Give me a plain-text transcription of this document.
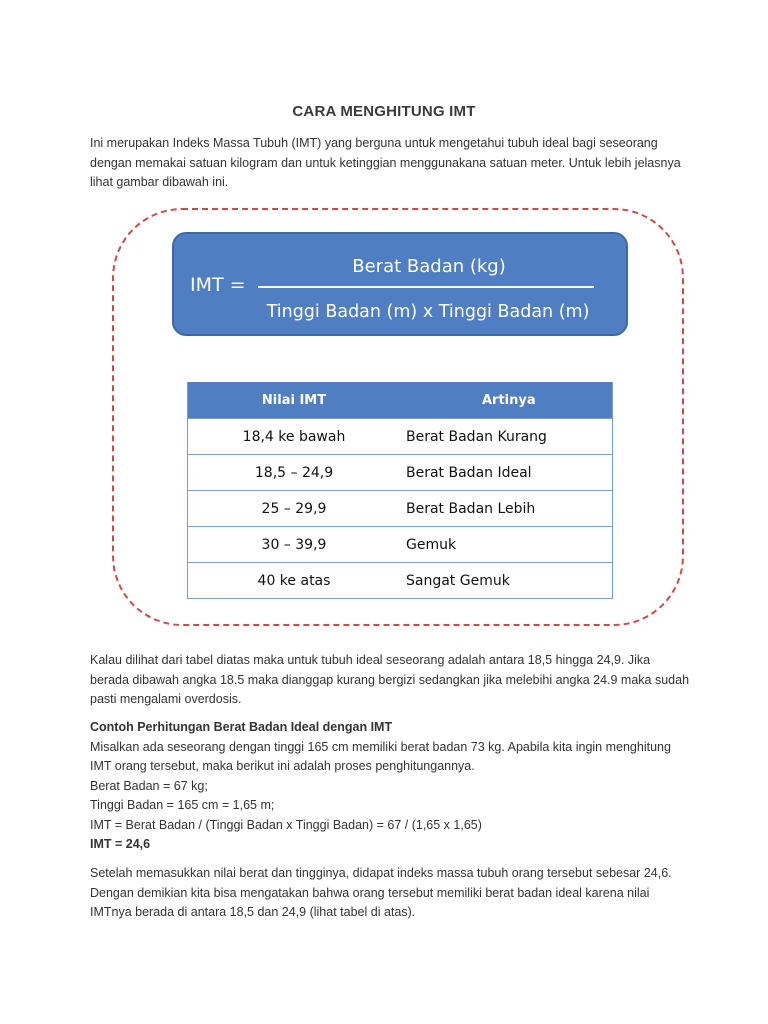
CARA MENGHITUNG IMT

Ini merupakan Indeks Massa Tubuh (IMT) yang berguna untuk mengetahui tubuh ideal bagi seseorang dengan memakai satuan kilogram dan untuk ketinggian menggunakana satuan meter. Untuk lebih jelasnya lihat gambar dibawah ini.

IMT =
Berat Badan (kg)
Tinggi Badan (m) x Tinggi Badan (m)
Nilai IMT	Artinya
18,4 ke bawah	Berat Badan Kurang
18,5 – 24,9	Berat Badan Ideal
25 – 29,9	Berat Badan Lebih
30 – 39,9	Gemuk
40 ke atas	Sangat Gemuk

Kalau dilihat dari tabel diatas maka untuk tubuh ideal seseorang adalah antara 18,5 hingga 24,9. Jika berada dibawah angka 18.5 maka dianggap kurang bergizi sedangkan jika melebihi angka 24.9 maka sudah pasti mengalami overdosis.

Contoh Perhitungan Berat Badan Ideal dengan IMT

Misalkan ada seseorang dengan tinggi 165 cm memiliki berat badan 73 kg. Apabila kita ingin menghitung IMT orang tersebut, maka berikut ini adalah proses penghitungannya.

Berat Badan = 67 kg;

Tinggi Badan = 165 cm = 1,65 m;

IMT = Berat Badan / (Tinggi Badan x Tinggi Badan) = 67 / (1,65 x 1,65)

IMT = 24,6

Setelah memasukkan nilai berat dan tingginya, didapat indeks massa tubuh orang tersebut sebesar 24,6. Dengan demikian kita bisa mengatakan bahwa orang tersebut memiliki berat badan ideal karena nilai IMTnya berada di antara 18,5 dan 24,9 (lihat tabel di atas).
